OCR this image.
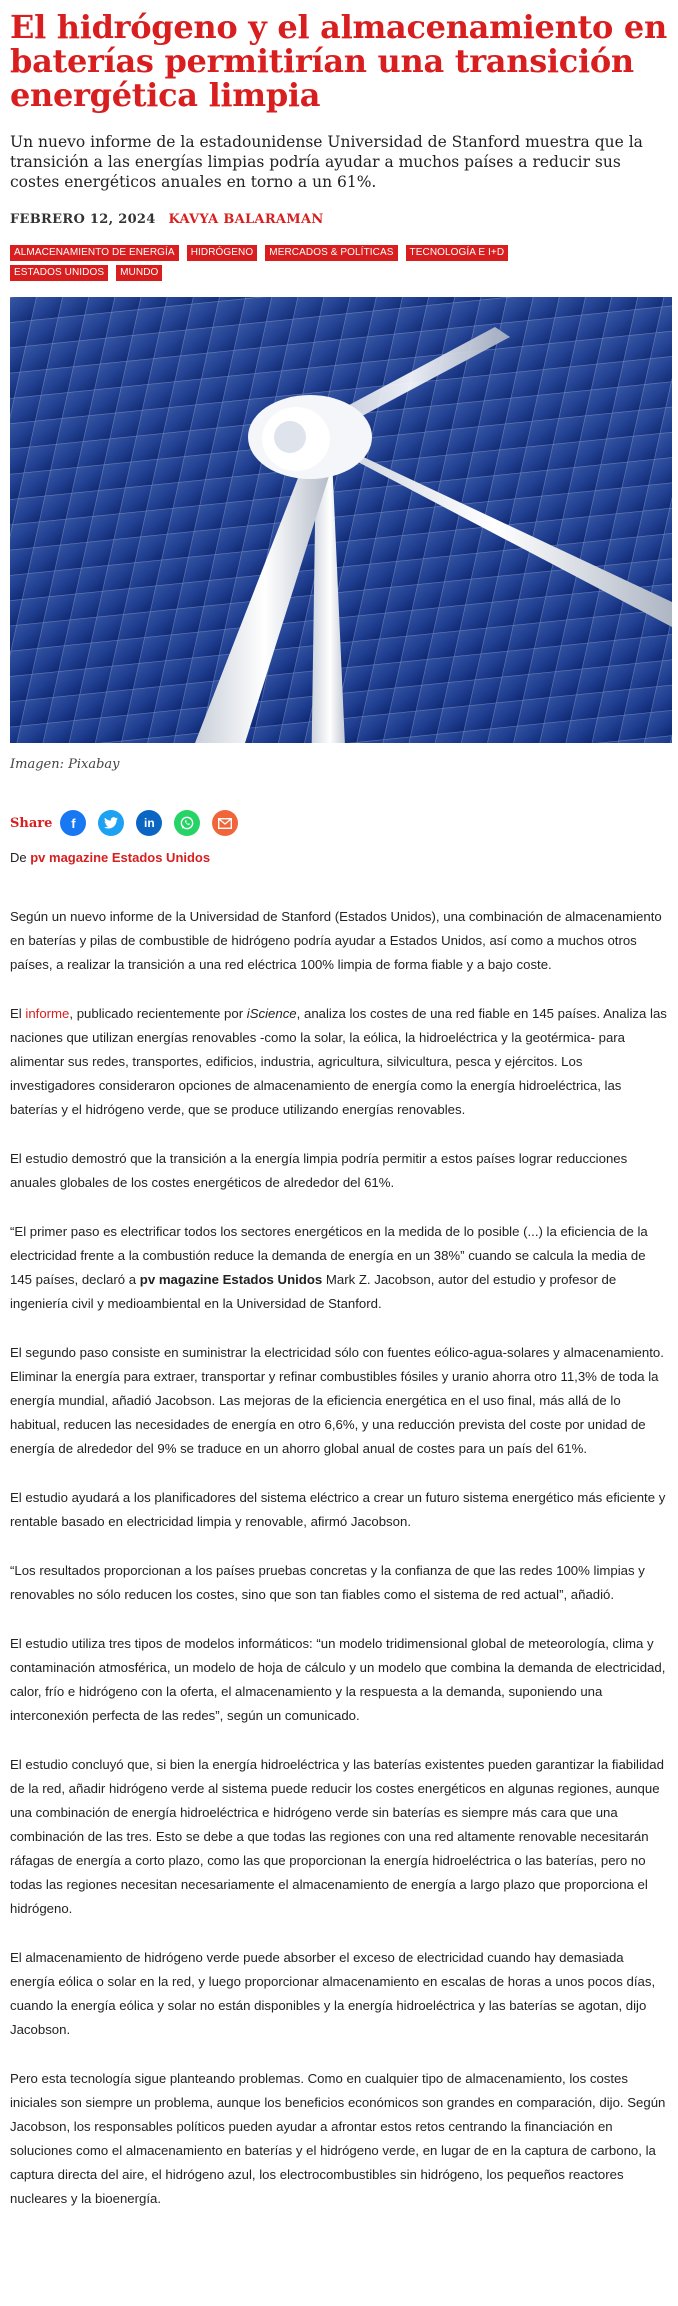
El hidrógeno y el almacenamiento en baterías permitirían una transición energética limpia

Un nuevo informe de la estadounidense Universidad de Stanford muestra que la transición a las energías limpias podría ayudar a muchos países a reducir sus costes energéticos anuales en torno a un 61%.

FEBRERO 12, 2024 KAVYA BALARAMAN
ALMACENAMIENTO DE ENERGÍA	HIDRÓGENO	MERCADOS & POLÍTICAS	TECNOLOGÍA E I+D
ESTADOS UNIDOS	MUNDO
Imagen: Pixabay
Share	f	in
De pv magazine Estados Unidos

Según un nuevo informe de la Universidad de Stanford (Estados Unidos), una combinación de almacenamiento en baterías y pilas de combustible de hidrógeno podría ayudar a Estados Unidos, así como a muchos otros países, a realizar la transición a una red eléctrica 100% limpia de forma fiable y a bajo coste.

El informe, publicado recientemente por iScience, analiza los costes de una red fiable en 145 países. Analiza las naciones que utilizan energías renovables -como la solar, la eólica, la hidroeléctrica y la geotérmica- para alimentar sus redes, transportes, edificios, industria, agricultura, silvicultura, pesca y ejércitos. Los investigadores consideraron opciones de almacenamiento de energía como la energía hidroeléctrica, las baterías y el hidrógeno verde, que se produce utilizando energías renovables.

El estudio demostró que la transición a la energía limpia podría permitir a estos países lograr reducciones anuales globales de los costes energéticos de alrededor del 61%.

“El primer paso es electrificar todos los sectores energéticos en la medida de lo posible (...) la eficiencia de la electricidad frente a la combustión reduce la demanda de energía en un 38%” cuando se calcula la media de 145 países, declaró a pv magazine Estados Unidos Mark Z. Jacobson, autor del estudio y profesor de ingeniería civil y medioambiental en la Universidad de Stanford.

El segundo paso consiste en suministrar la electricidad sólo con fuentes eólico-agua-solares y almacenamiento. Eliminar la energía para extraer, transportar y refinar combustibles fósiles y uranio ahorra otro 11,3% de toda la energía mundial, añadió Jacobson. Las mejoras de la eficiencia energética en el uso final, más allá de lo habitual, reducen las necesidades de energía en otro 6,6%, y una reducción prevista del coste por unidad de energía de alrededor del 9% se traduce en un ahorro global anual de costes para un país del 61%.

El estudio ayudará a los planificadores del sistema eléctrico a crear un futuro sistema energético más eficiente y rentable basado en electricidad limpia y renovable, afirmó Jacobson.

“Los resultados proporcionan a los países pruebas concretas y la confianza de que las redes 100% limpias y renovables no sólo reducen los costes, sino que son tan fiables como el sistema de red actual”, añadió.

El estudio utiliza tres tipos de modelos informáticos: “un modelo tridimensional global de meteorología, clima y contaminación atmosférica, un modelo de hoja de cálculo y un modelo que combina la demanda de electricidad, calor, frío e hidrógeno con la oferta, el almacenamiento y la respuesta a la demanda, suponiendo una interconexión perfecta de las redes”, según un comunicado.

El estudio concluyó que, si bien la energía hidroeléctrica y las baterías existentes pueden garantizar la fiabilidad de la red, añadir hidrógeno verde al sistema puede reducir los costes energéticos en algunas regiones, aunque una combinación de energía hidroeléctrica e hidrógeno verde sin baterías es siempre más cara que una combinación de las tres. Esto se debe a que todas las regiones con una red altamente renovable necesitarán ráfagas de energía a corto plazo, como las que proporcionan la energía hidroeléctrica o las baterías, pero no todas las regiones necesitan necesariamente el almacenamiento de energía a largo plazo que proporciona el hidrógeno.

El almacenamiento de hidrógeno verde puede absorber el exceso de electricidad cuando hay demasiada energía eólica o solar en la red, y luego proporcionar almacenamiento en escalas de horas a unos pocos días, cuando la energía eólica y solar no están disponibles y la energía hidroeléctrica y las baterías se agotan, dijo Jacobson.

Pero esta tecnología sigue planteando problemas. Como en cualquier tipo de almacenamiento, los costes iniciales son siempre un problema, aunque los beneficios económicos son grandes en comparación, dijo. Según Jacobson, los responsables políticos pueden ayudar a afrontar estos retos centrando la financiación en soluciones como el almacenamiento en baterías y el hidrógeno verde, en lugar de en la captura de carbono, la captura directa del aire, el hidrógeno azul, los electrocombustibles sin hidrógeno, los pequeños reactores nucleares y la bioenergía.
